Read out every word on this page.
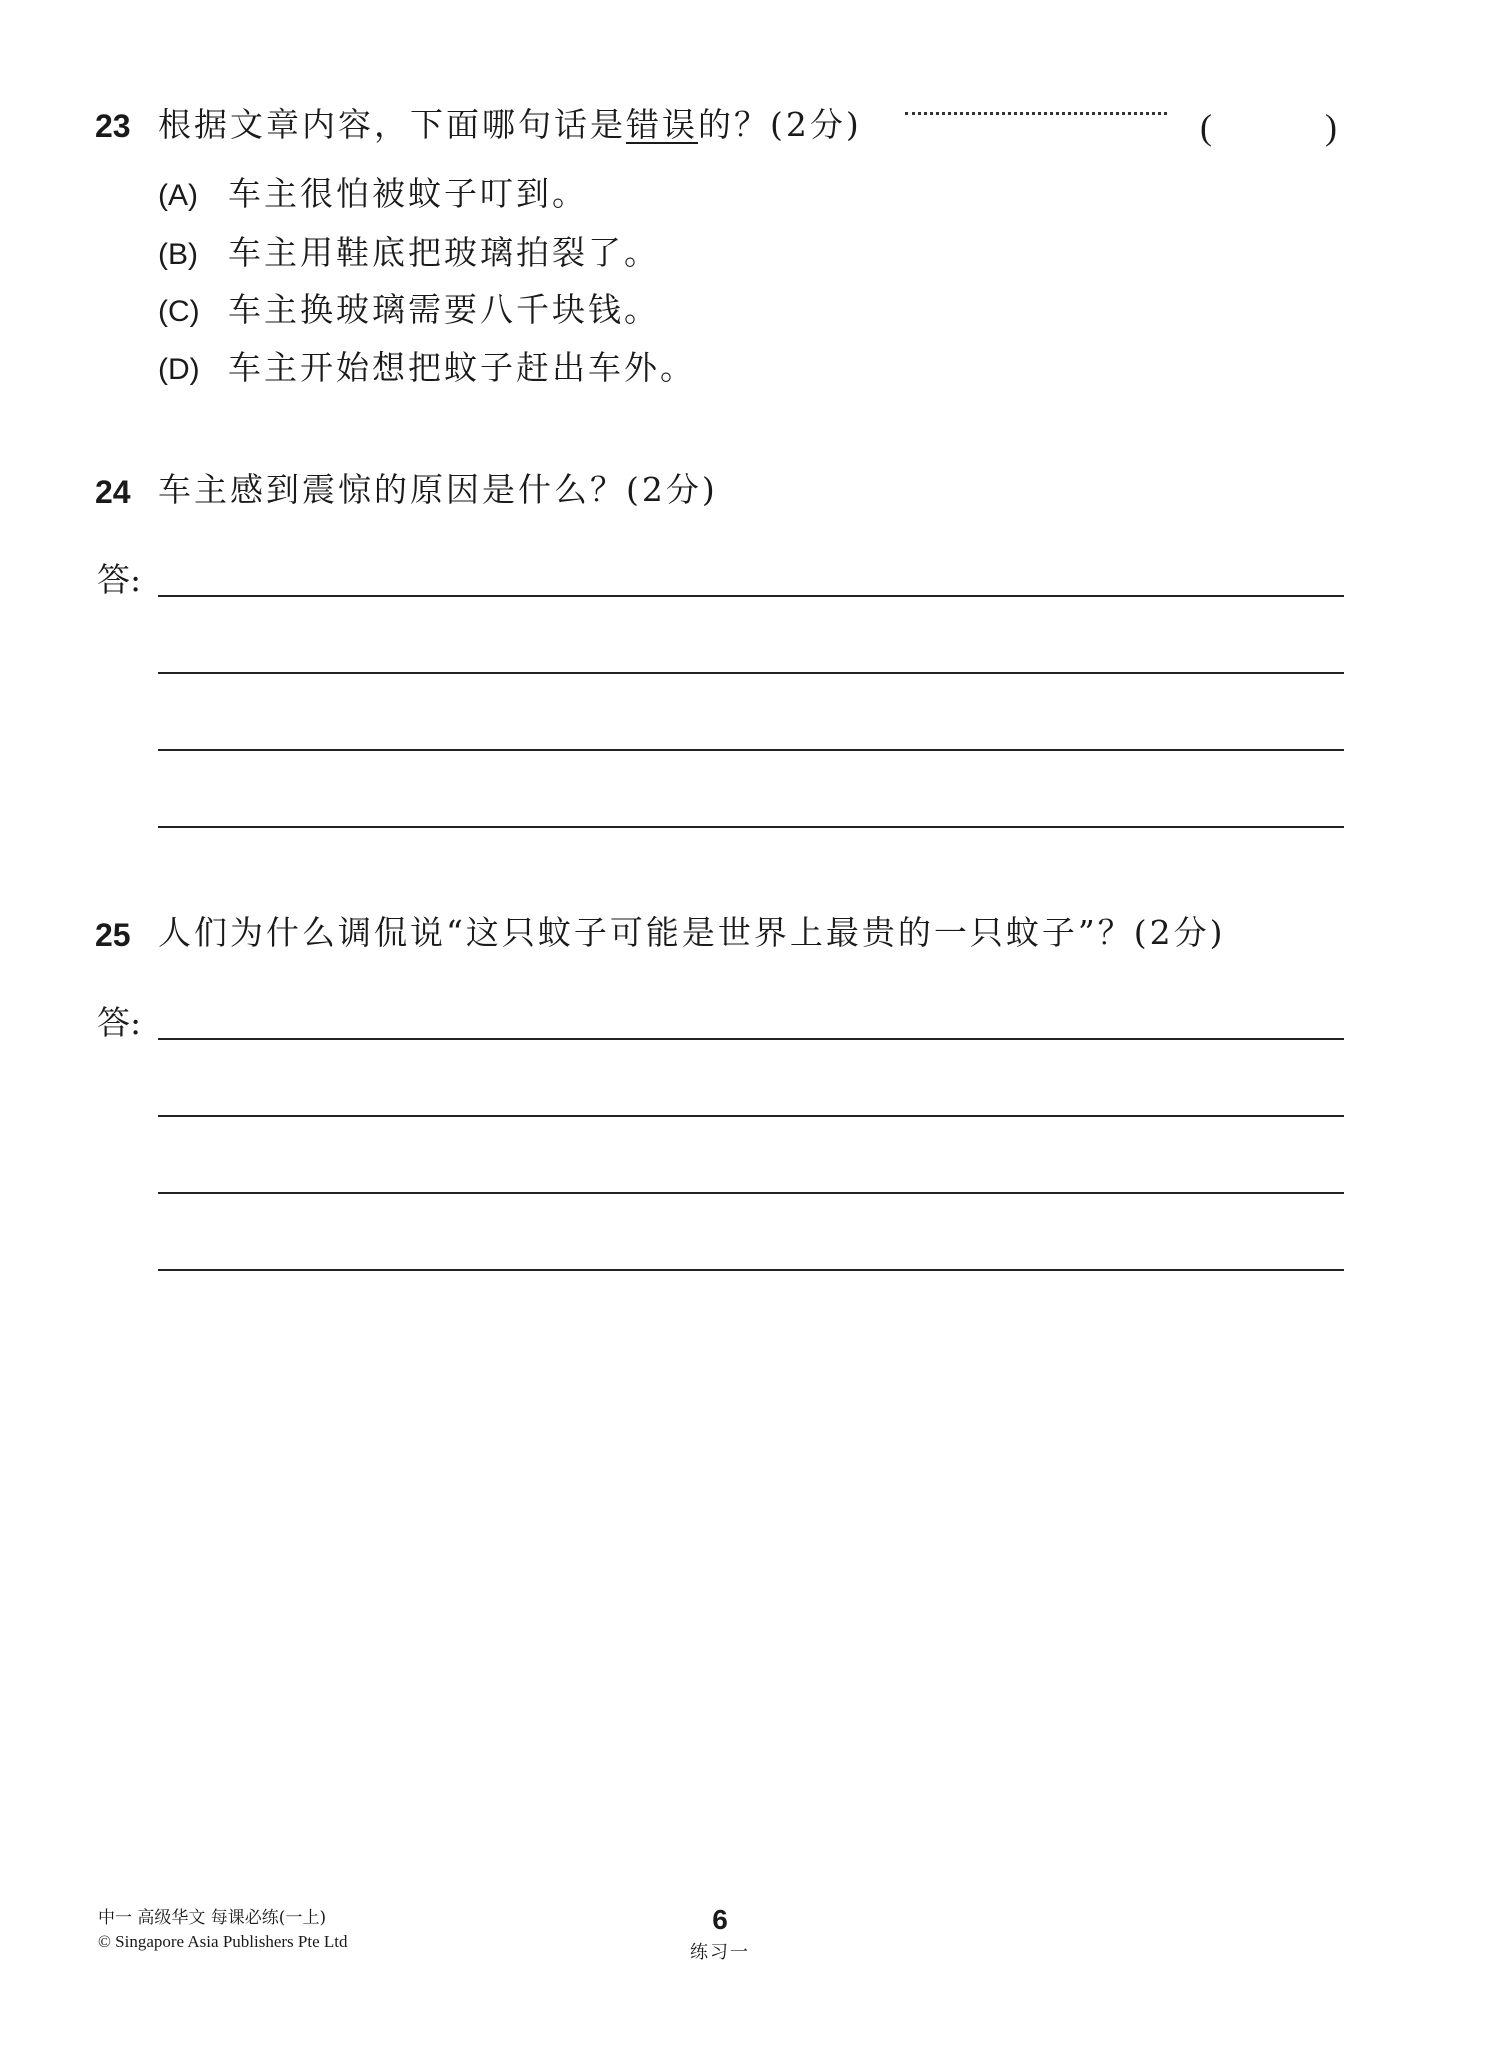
23 根据文章内容，下面哪句话是错误的？(2分)	(	)
(A) 车主很怕被蚊子叮到。
(B) 车主用鞋底把玻璃拍裂了。
(C) 车主换玻璃需要八千块钱。
(D) 车主开始想把蚊子赶出车外。
24 车主感到震惊的原因是什么？(2分)
答:
25 人们为什么调侃说“这只蚊子可能是世界上最贵的一只蚊子”？(2分)
答:
中一 高级华文 每课必练(一上)
© Singapore Asia Publishers Pte Ltd
6
练习一
